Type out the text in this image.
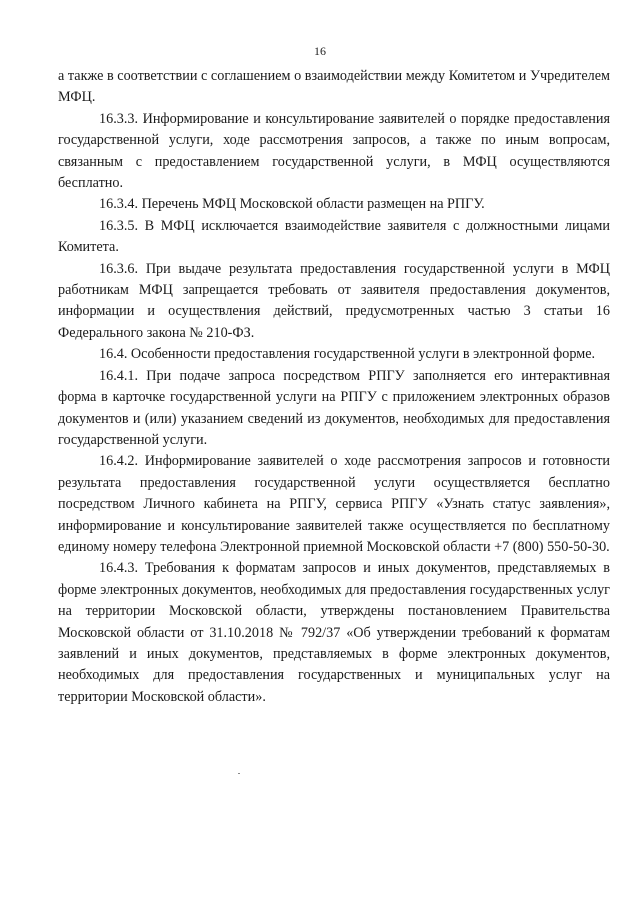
16

а также в соответствии с соглашением о взаимодействии между Комитетом и Учредителем МФЦ.

16.3.3. Информирование и консультирование заявителей о порядке предоставления государственной услуги, ходе рассмотрения запросов, а также по иным вопросам, связанным с предоставлением государственной услуги, в МФЦ осуществляются бесплатно.

16.3.4. Перечень МФЦ Московской области размещен на РПГУ.

16.3.5. В МФЦ исключается взаимодействие заявителя с должностными лицами Комитета.

16.3.6. При выдаче результата предоставления государственной услуги в МФЦ работникам МФЦ запрещается требовать от заявителя предоставления документов, информации и осуществления действий, предусмотренных частью 3 статьи 16 Федерального закона № 210-ФЗ.

16.4. Особенности предоставления государственной услуги в электронной форме.

16.4.1. При подаче запроса посредством РПГУ заполняется его интерактивная форма в карточке государственной услуги на РПГУ с приложением электронных образов документов и (или) указанием сведений из документов, необходимых для предоставления государственной услуги.

16.4.2. Информирование заявителей о ходе рассмотрения запросов и готовности результата предоставления государственной услуги осуществляется бесплатно посредством Личного кабинета на РПГУ, сервиса РПГУ «Узнать статус заявления», информирование и консультирование заявителей также осуществляется по бесплатному единому номеру телефона Электронной приемной Московской области +7 (800) 550-50-30.

16.4.3. Требования к форматам запросов и иных документов, представляемых в форме электронных документов, необходимых для предоставления государственных услуг на территории Московской области, утверждены постановлением Правительства Московской области от 31.10.2018 № 792/37 «Об утверждении требований к форматам заявлений и иных документов, представляемых в форме электронных документов, необходимых для предоставления государственных и муниципальных услуг на территории Московской области».
